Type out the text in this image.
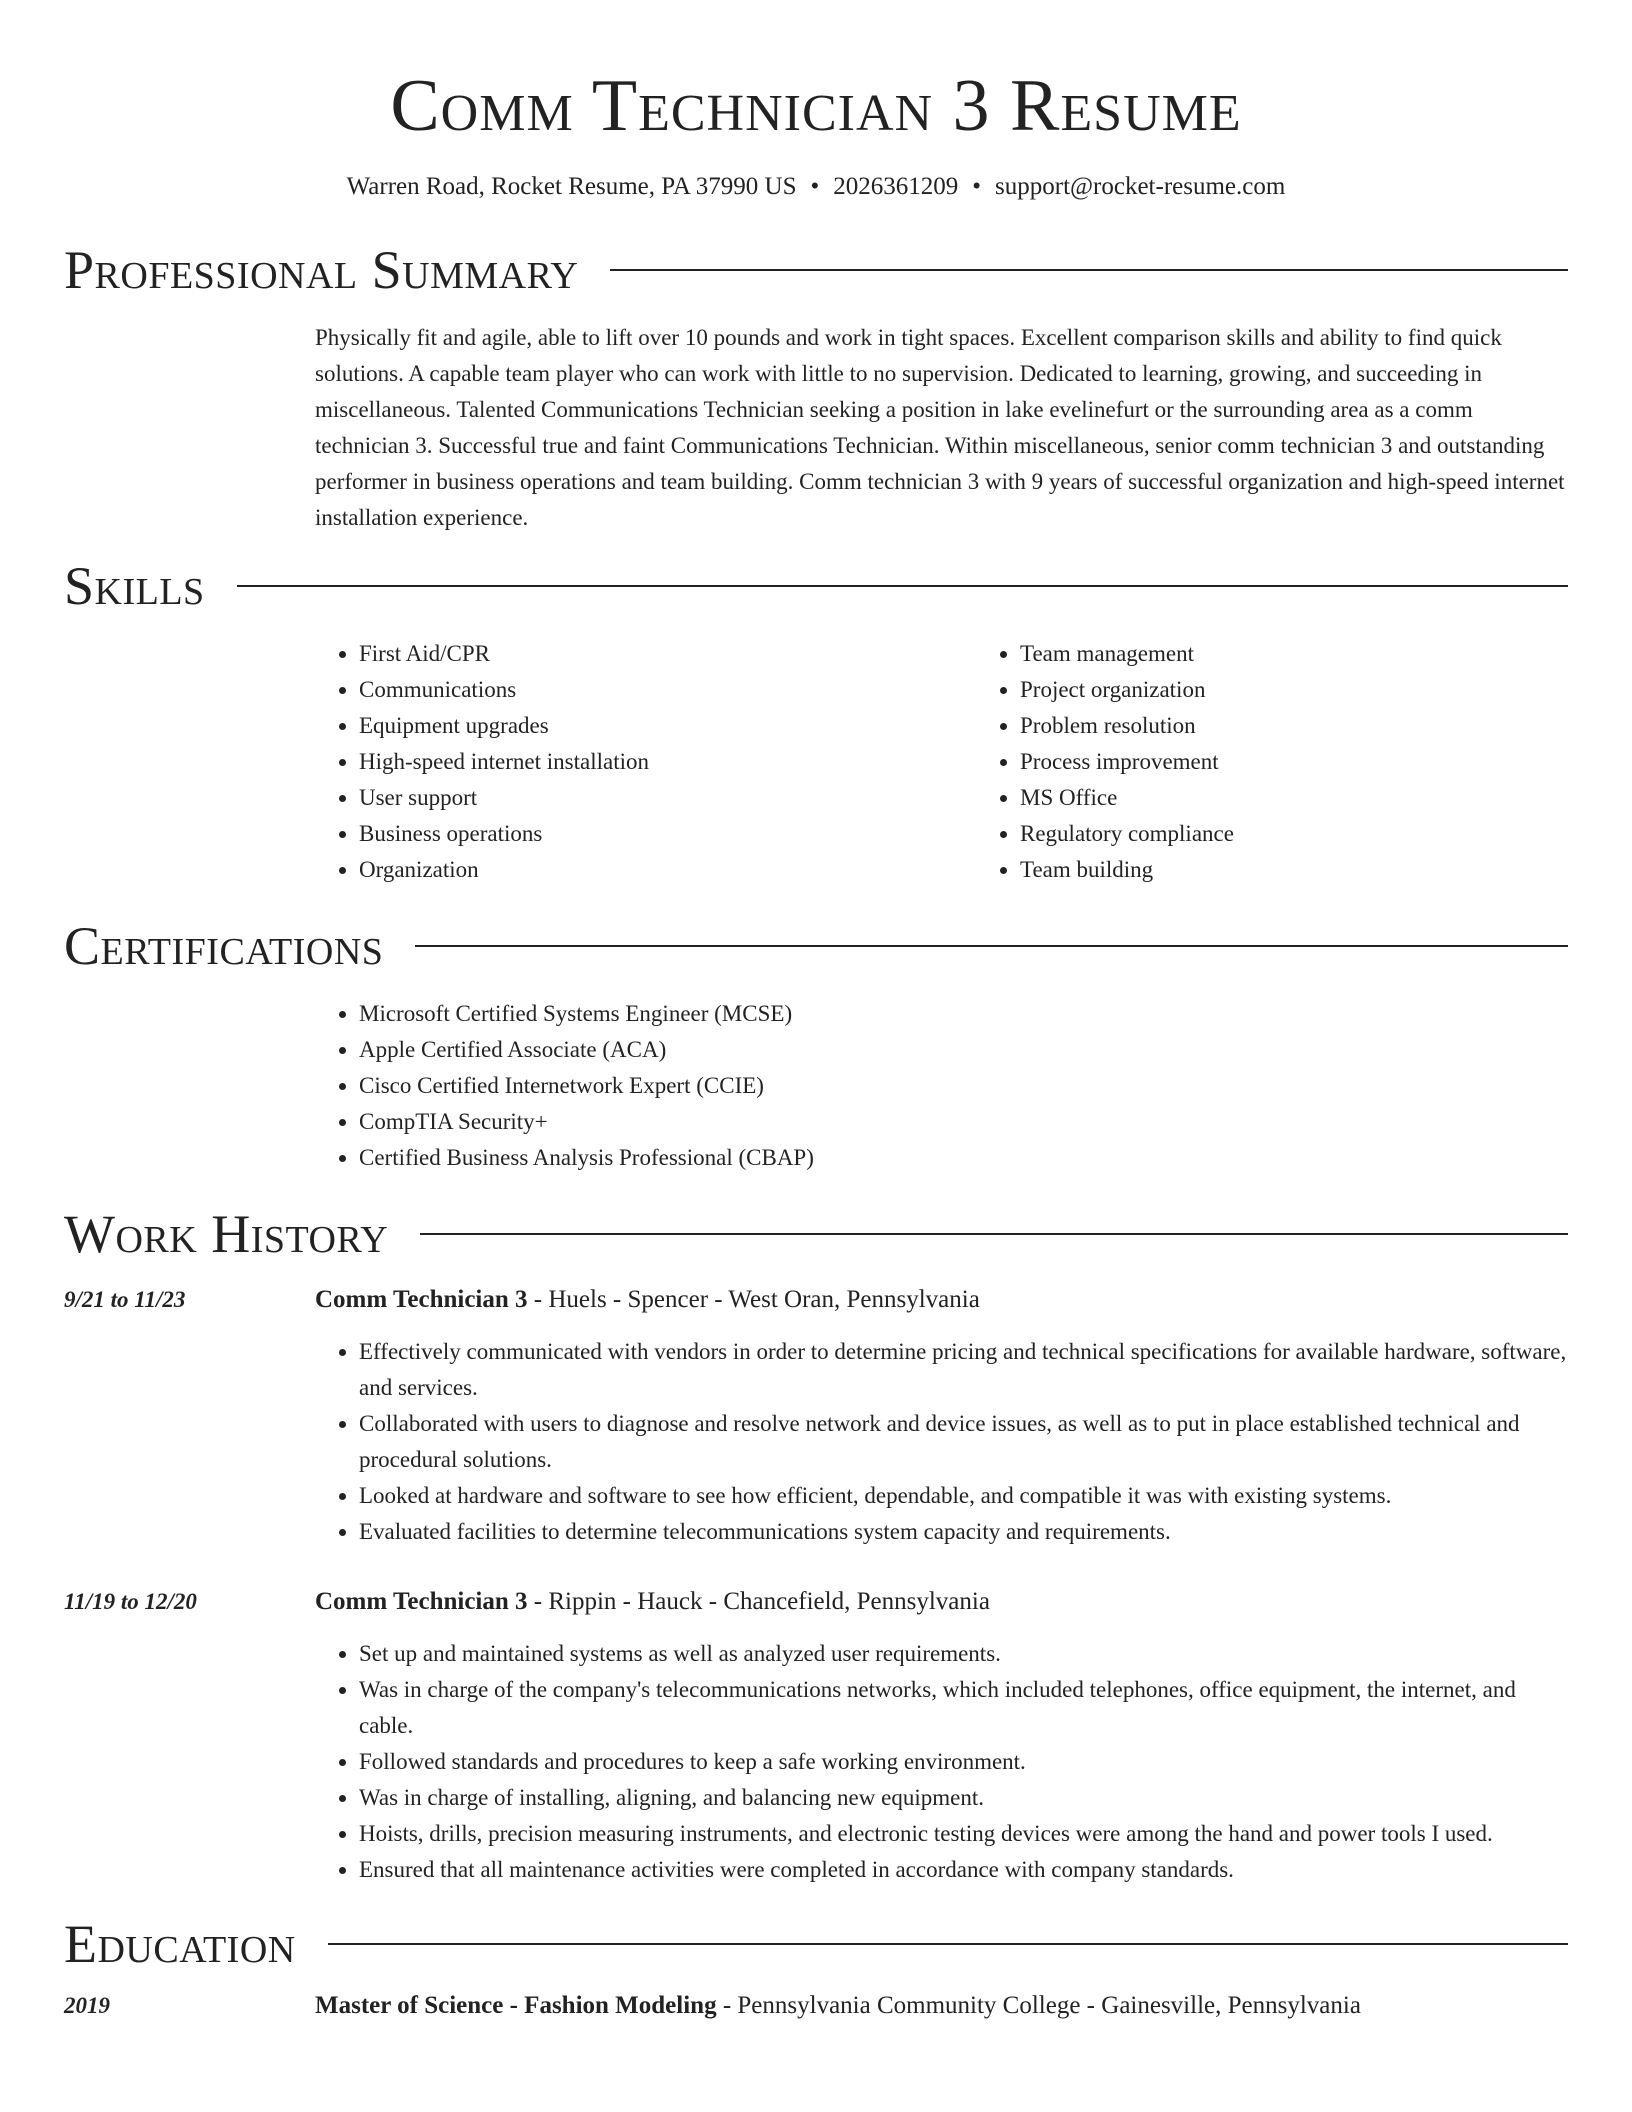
Comm Technician 3 Resume
Warren Road, Rocket Resume, PA 37990 US • 2026361209 • support@rocket-resume.com
Professional Summary
Physically fit and agile, able to lift over 10 pounds and work in tight spaces. Excellent comparison skills and ability to find quick solutions. A capable team player who can work with little to no supervision. Dedicated to learning, growing, and succeeding in miscellaneous. Talented Communications Technician seeking a position in lake evelinefurt or the surrounding area as a comm technician 3. Successful true and faint Communications Technician. Within miscellaneous, senior comm technician 3 and outstanding performer in business operations and team building. Comm technician 3 with 9 years of successful organization and high-speed internet installation experience.
Skills
• First Aid/CPR
• Communications
• Equipment upgrades
• High-speed internet installation
• User support
• Business operations
• Organization
• Team management
• Project organization
• Problem resolution
• Process improvement
• MS Office
• Regulatory compliance
• Team building
Certifications
• Microsoft Certified Systems Engineer (MCSE)
• Apple Certified Associate (ACA)
• Cisco Certified Internetwork Expert (CCIE)
• CompTIA Security+
• Certified Business Analysis Professional (CBAP)
Work History
9/21 to 11/23	Comm Technician 3 - Huels - Spencer - West Oran, Pennsylvania
• Effectively communicated with vendors in order to determine pricing and technical specifications for available hardware, software, and services.
• Collaborated with users to diagnose and resolve network and device issues, as well as to put in place established technical and procedural solutions.
• Looked at hardware and software to see how efficient, dependable, and compatible it was with existing systems.
• Evaluated facilities to determine telecommunications system capacity and requirements.
11/19 to 12/20	Comm Technician 3 - Rippin - Hauck - Chancefield, Pennsylvania
• Set up and maintained systems as well as analyzed user requirements.
• Was in charge of the company's telecommunications networks, which included telephones, office equipment, the internet, and cable.
• Followed standards and procedures to keep a safe working environment.
• Was in charge of installing, aligning, and balancing new equipment.
• Hoists, drills, precision measuring instruments, and electronic testing devices were among the hand and power tools I used.
• Ensured that all maintenance activities were completed in accordance with company standards.
Education
2019	Master of Science - Fashion Modeling - Pennsylvania Community College - Gainesville, Pennsylvania
